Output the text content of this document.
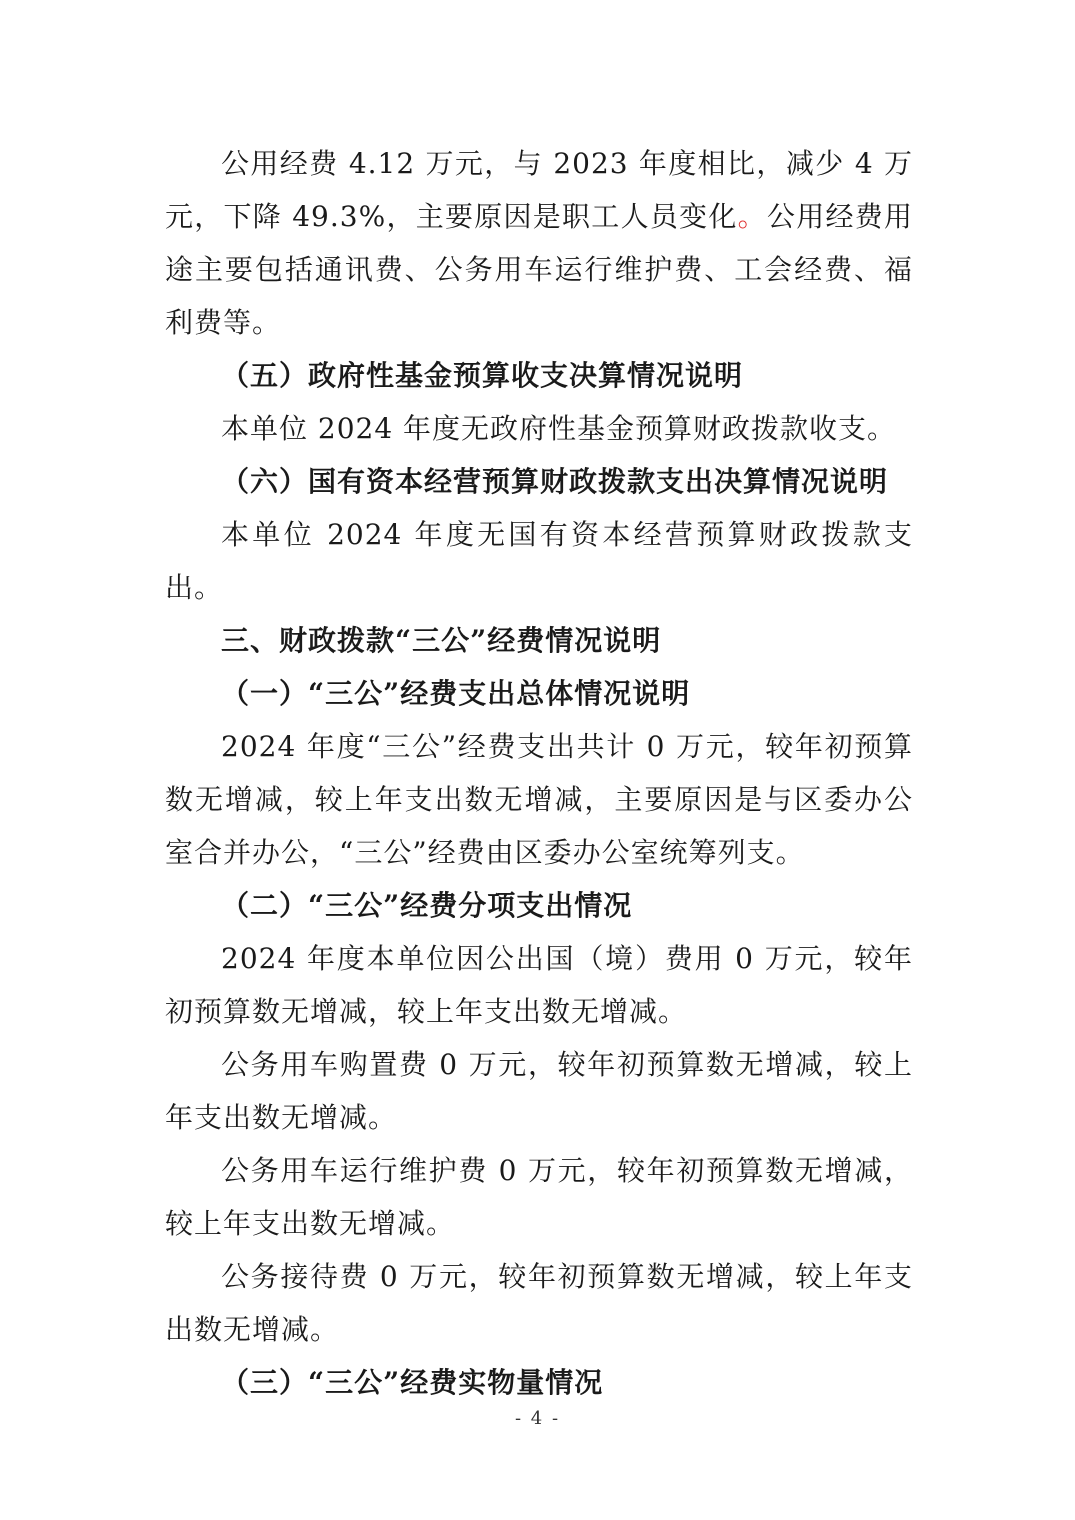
公用经费 4.12 万元，与 2023 年度相比，减少 4 万元，下降 49.3%，主要原因是职工人员变化。公用经费用途主要包括通讯费、公务用车运行维护费、工会经费、福利费等。

（五）政府性基金预算收支决算情况说明

本单位 2024 年度无政府性基金预算财政拨款收支。

（六）国有资本经营预算财政拨款支出决算情况说明

本单位 2024 年度无国有资本经营预算财政拨款支出。

三、财政拨款“三公”经费情况说明

（一）“三公”经费支出总体情况说明

2024 年度“三公”经费支出共计 0 万元，较年初预算数无增减，较上年支出数无增减，主要原因是与区委办公室合并办公，“三公”经费由区委办公室统筹列支。

（二）“三公”经费分项支出情况

2024 年度本单位因公出国（境）费用 0 万元，较年初预算数无增减，较上年支出数无增减。

公务用车购置费 0 万元，较年初预算数无增减，较上年支出数无增减。

公务用车运行维护费 0 万元，较年初预算数无增减，较上年支出数无增减。

公务接待费 0 万元，较年初预算数无增减，较上年支出数无增减。

（三）“三公”经费实物量情况

- 4 -
